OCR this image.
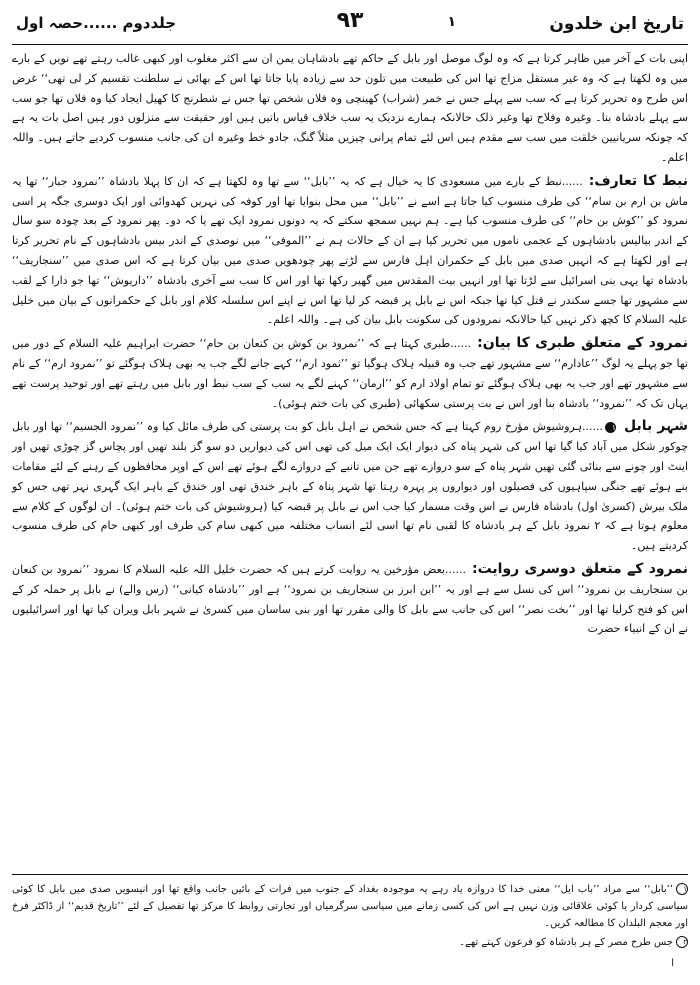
تاریخ ابن خلدون
۱
۹۳
جلددوم ......حصہ اول

اپنی بات کے آخر میں ظاہر کرتا ہے کہ وہ لوگ موصل اور بابل کے حاکم تھے بادشاہان یمن ان سے اکثر مغلوب اور کبھی غالب رہتے تھے نویں کے بارے میں وہ لکھتا ہے کہ وہ غیر مستقل مزاج تھا اس کی طبیعت میں تلون حد سے زیادہ پایا جاتا تھا اس کے بھائی نے سلطنت تقسیم کر لی تھی‘‘ غرض اس طرح وہ تحریر کرتا ہے کہ سب سے پہلے جس نے خمر (شراب) کھینچی وہ فلاں شخص تھا جس نے شطرنج کا کھیل ایجاد کیا وہ فلاں تھا جو سب سے پہلے بادشاہ بنا۔ وغیرہ وفلاح تھا وغیر ذلک حالانکہ ہمارے نزدیک یہ سب خلاف قیاس باتیں ہیں اور حقیقت سے منزلوں دور ہیں اصل بات یہ ہے کہ چونکہ سریانیین خلقت میں سب سے مقدم ہیں اس لئے تمام پرانی چیزیں مثلاً گنگ، جادو خط وغیرہ ان کی جانب منسوب کردیے جاتے ہیں۔ واللہ اعلم۔

نبط کا تعارف:......نبط کے بارے میں مسعودی کا یہ خیال ہے کہ یہ ’’بابل‘‘ سے تھا وہ لکھتا ہے کہ ان کا پہلا بادشاہ ’’نمرود جبار‘‘ تھا یہ ماش بن ارم بن سام‘‘ کی طرف منسوب کیا جاتا ہے اسے نے ’’بابل‘‘ میں محل بنوایا تھا اور کوفہ کی نہریں کھدوائی اور ایک دوسری جگہ پر اسی نمرود کو ’’کوش بن حام‘‘ کی طرف منسوب کیا ہے۔ ہم نہیں سمجھ سکتے کہ یہ دونوں نمرود ایک تھے یا کہ دو۔ پھر نمرود کے بعد چودہ سو سال کے اندر بیالیس بادشاہوں کے عجمی ناموں میں تحریر کیا ہے ان کے حالات ہم نے ’’الموفی‘‘ میں نوصدی کے اندر بیس بادشاہوں کے نام تحریر کرتا ہے اور لکھتا ہے کہ انہیں صدی میں بابل کے حکمران اہل فارس سے لڑتے پھر چودھویں صدی میں بیان کرتا ہے کہ اس صدی میں ’’سنجاریف‘‘ بادشاہ تھا یہی بنی اسرائیل سے لڑتا تھا اور انہیں بیت المقدس میں گھیر رکھا تھا اور اس کا سب سے آخری بادشاہ ’’داریوش‘‘ تھا جو دارا کے لقب سے مشہور تھا جسے سکندر نے قتل کیا تھا جبکہ اس نے بابل پر قبضہ کر لیا تھا اس نے اپنے اس سلسلہ کلام اور بابل کے حکمرانوں کے بیان میں خلیل علیہ السلام کا کچھ ذکر نہیں کیا حالانکہ نمرودوں کی سکونت بابل بیان کی ہے۔ واللہ اعلم۔

نمرود کے متعلق طبری کا بیان:......طبری کہتا ہے کہ ’’نمرود بن کوش بن کنعان بن حام‘‘ حضرت ابراہیم علیہ السلام کے دور میں تھا جو پہلے یہ لوگ ’’عادارم‘‘ سے مشہور تھے جب وہ قبیلہ ہلاک ہوگیا تو ’’ثمود ارم‘‘ کہے جانے لگے جب یہ بھی ہلاک ہوگئے تو ’’نمرود ارم‘‘ کے نام سے مشہور تھے اور جب یہ بھی ہلاک ہوگئے تو تمام اولاد ارم کو ’’ارمان‘‘ کہنے لگے یہ سب کے سب نبط اور بابل میں رہتے تھے اور توحید پرست تھے یہاں تک کہ ’’نمرود‘‘ بادشاہ بنا اور اس نے بت پرستی سکھائی (طبری کی بات ختم ہوئی)۔

شہر بابل۱......ہروشیوش مؤرخ روم کہتا ہے کہ جس شخص نے اہل بابل کو بت پرستی کی طرف مائل کیا وہ ’’نمرود الجسیم‘‘ تھا اور بابل چوکور شکل میں آباد کیا گیا تھا اس کی شہر پناہ کی دیوار ایک ایک میل کی تھی اس کی دیواریں دو سو گز بلند تھیں اور پچاس گز چوڑی تھیں اور اینٹ اور چونے سے بنائی گئی تھیں شہر پناہ کے سو دروازے تھے جن میں تانبے کے دروازے لگے ہوئے تھے اس کے اوپر محافظوں کے رہنے کے لئے مقامات بنے ہوئے تھے جنگی سپاہیوں کی فصیلوں اور دیواروں پر پہرہ رہتا تھا شہر پناہ کے باہر خندق تھی اور خندق کے باہر ایک گہری نہر تھی جس کو ملک بیرش (کسریٰ اول) بادشاہ فارس نے اس وقت مسمار کیا جب اس نے بابل پر قبضہ کیا (ہروشیوش کی بات ختم ہوئی)۔ ان لوگوں کے کلام سے معلوم ہوتا ہے کہ ۲ نمرود بابل کے ہر بادشاہ کا لقبی نام تھا اسی لئے انساب مختلفہ میں کبھی سام کی طرف اور کبھی حام کی طرف منسوب کردیتے ہیں۔

نمرود کے متعلق دوسری روایت:......بعض مؤرخین یہ روایت کرتے ہیں کہ حضرت خلیل اللہ علیہ السلام کا نمرود ’’نمرود بن کنعان بن سنجاریف بن نمرود‘‘ اس کی نسل سے ہے اور یہ ’’ابن ابرز بن سنجاریف بن نمرود‘‘ ہے اور ’’بادشاہ کیانی‘‘ (رس والے) نے بابل پر حملہ کر کے اس کو فتح کرلیا تھا اور ’’بخت نصر‘‘ اس کی جانب سے بابل کا والی مقرر تھا اور بنی ساسان میں کسریٰ نے شہر بابل ویران کیا تھا اور اسرائیلیوں نے ان کے انبیاء حضرت

۱’’بابل‘‘ سے مراد ’’باب ایل‘‘ معنی خدا کا دروازہ یاد رہے یہ موجودہ بغداد کے جنوب میں فرات کے بائیں جانب واقع تھا اور انیسویں صدی میں بابل کا کوئی سیاسی کردار یا کوئی علاقائی وزن نہیں ہے اس کی کسی زمانے میں سیاسی سرگرمیاں اور تجارتی روابط کا مرکز تھا تفصیل کے لئے ’’تاریخ قدیم‘‘ از ڈاکٹر فرخ اور معجم البلدان کا مطالعہ کریں۔

۲جس طرح مصر کے ہر بادشاہ کو فرعون کہتے تھے۔

ا
